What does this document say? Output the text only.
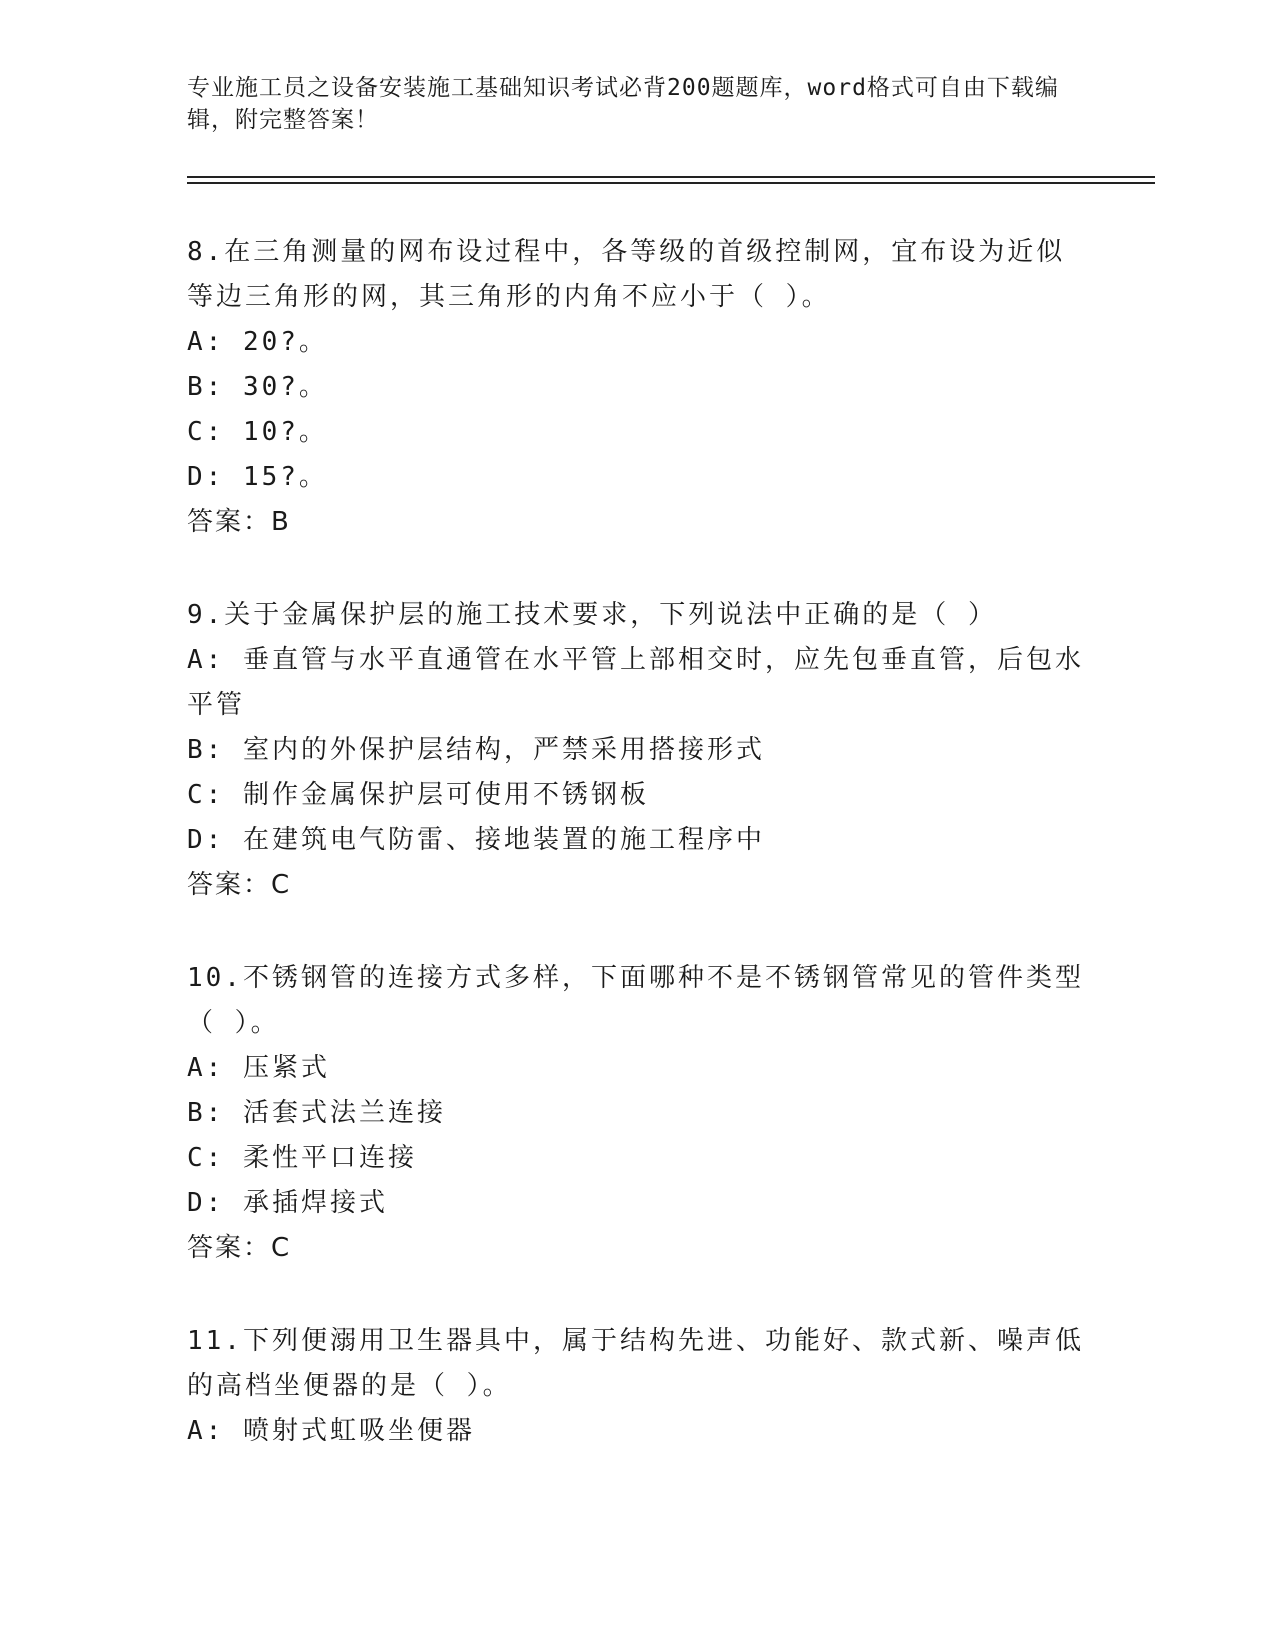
专业施工员之设备安装施工基础知识考试必背200题题库，word格式可自由下载编辑，附完整答案！
8.在三角测量的网布设过程中，各等级的首级控制网，宜布设为近似等边三角形的网，其三角形的内角不应小于（ ）。
A: 20?。
B: 30?。
C: 10?。
D: 15?。
答案：B
9.关于金属保护层的施工技术要求，下列说法中正确的是（ ）
A: 垂直管与水平直通管在水平管上部相交时，应先包垂直管，后包水平管
B: 室内的外保护层结构，严禁采用搭接形式
C: 制作金属保护层可使用不锈钢板
D: 在建筑电气防雷、接地装置的施工程序中
答案：C
10.不锈钢管的连接方式多样，下面哪种不是不锈钢管常见的管件类型（ ）。
A: 压紧式
B: 活套式法兰连接
C: 柔性平口连接
D: 承插焊接式
答案：C
11.下列便溺用卫生器具中，属于结构先进、功能好、款式新、噪声低的高档坐便器的是（ ）。
A: 喷射式虹吸坐便器
